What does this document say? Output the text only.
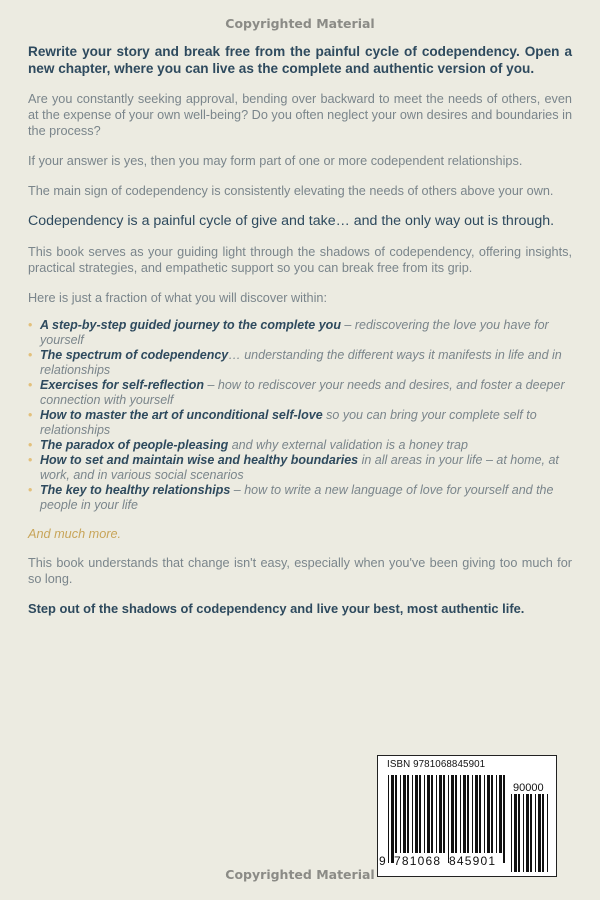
Copyrighted Material

Rewrite your story and break free from the painful cycle of codependency. Open a new chapter, where you can live as the complete and authentic version of you.

Are you constantly seeking approval, bending over backward to meet the needs of others, even at the expense of your own well-being? Do you often neglect your own desires and boundaries in the process?

If your answer is yes, then you may form part of one or more codependent relationships.

The main sign of codependency is consistently elevating the needs of others above your own.

Codependency is a painful cycle of give and take… and the only way out is through.

This book serves as your guiding light through the shadows of codependency, offering insights, practical strategies, and empathetic support so you can break free from its grip.

Here is just a fraction of what you will discover within:

• A step-by-step guided journey to the complete you – rediscovering the love you have for yourself
• The spectrum of codependency… understanding the different ways it manifests in life and in relationships
• Exercises for self-reflection – how to rediscover your needs and desires, and foster a deeper connection with yourself
• How to master the art of unconditional self-love so you can bring your complete self to relationships
• The paradox of people-pleasing and why external validation is a honey trap
• How to set and maintain wise and healthy boundaries in all areas in your life – at home, at work, and in various social scenarios
• The key to healthy relationships – how to write a new language of love for yourself and the people in your life

And much more.

This book understands that change isn't easy, especially when you've been giving too much for so long.

Step out of the shadows of codependency and live your best, most authentic life.

ISBN 9781068845901
90000
9 781068 845901
Copyrighted Material
